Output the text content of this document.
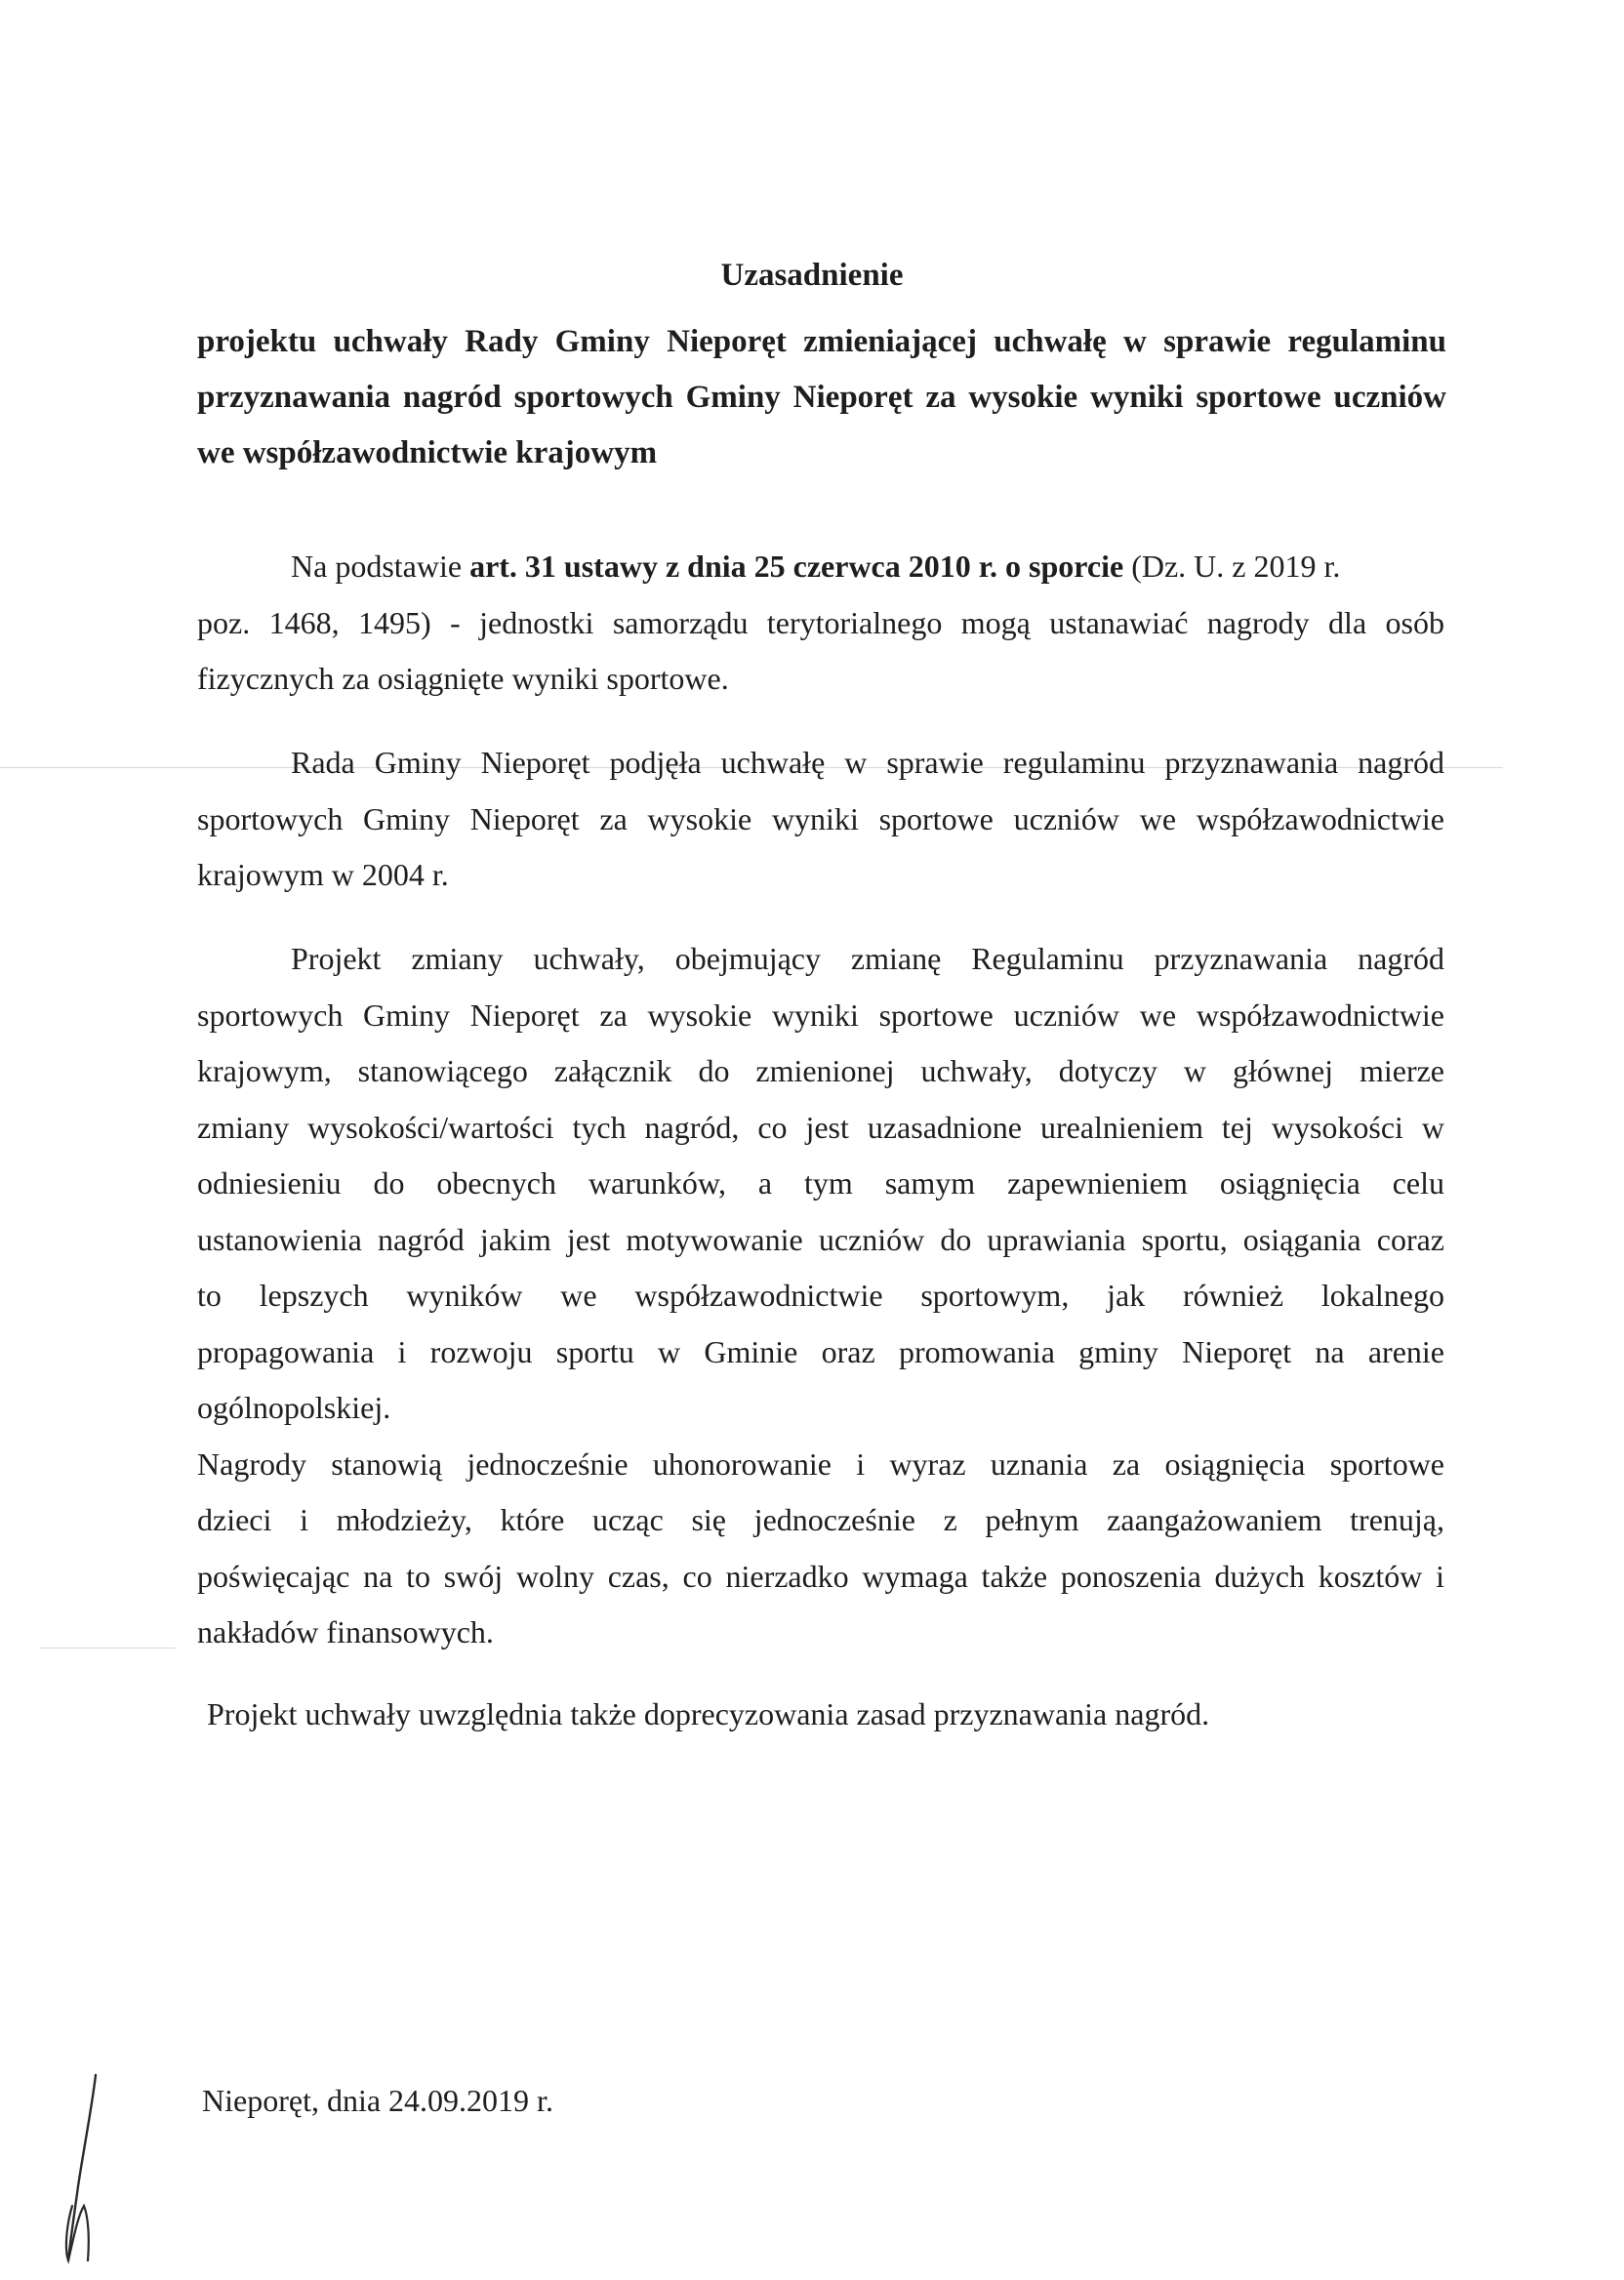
Uzasadnienie
projektu uchwały Rady Gminy Nieporęt zmieniającej uchwałę w sprawie regulaminu
przyznawania nagród sportowych Gminy Nieporęt za wysokie wyniki sportowe uczniów
we współzawodnictwie krajowym
Na podstawie art. 31 ustawy z dnia 25 czerwca 2010 r. o sporcie (Dz. U. z 2019 r.
poz. 1468, 1495) - jednostki samorządu terytorialnego mogą ustanawiać nagrody dla osób
fizycznych za osiągnięte wyniki sportowe.
Rada Gminy Nieporęt podjęła uchwałę w sprawie regulaminu przyznawania nagród
sportowych Gminy Nieporęt za wysokie wyniki sportowe uczniów we współzawodnictwie
krajowym w 2004 r.
Projekt zmiany uchwały, obejmujący zmianę Regulaminu przyznawania nagród
sportowych Gminy Nieporęt za wysokie wyniki sportowe uczniów we współzawodnictwie
krajowym, stanowiącego załącznik do zmienionej uchwały, dotyczy w głównej mierze
zmiany wysokości/wartości tych nagród, co jest uzasadnione urealnieniem tej wysokości w
odniesieniu do obecnych warunków, a tym samym zapewnieniem osiągnięcia celu
ustanowienia nagród jakim jest motywowanie uczniów do uprawiania sportu, osiągania coraz
to lepszych wyników we współzawodnictwie sportowym, jak również lokalnego
propagowania i rozwoju sportu w Gminie oraz promowania gminy Nieporęt na arenie
ogólnopolskiej.
Nagrody stanowią jednocześnie uhonorowanie i wyraz uznania za osiągnięcia sportowe
dzieci i młodzieży, które ucząc się jednocześnie z pełnym zaangażowaniem trenują,
poświęcając na to swój wolny czas, co nierzadko wymaga także ponoszenia dużych kosztów i
nakładów finansowych.
Projekt uchwały uwzględnia także doprecyzowania zasad przyznawania nagród.
Nieporęt, dnia 24.09.2019 r.
